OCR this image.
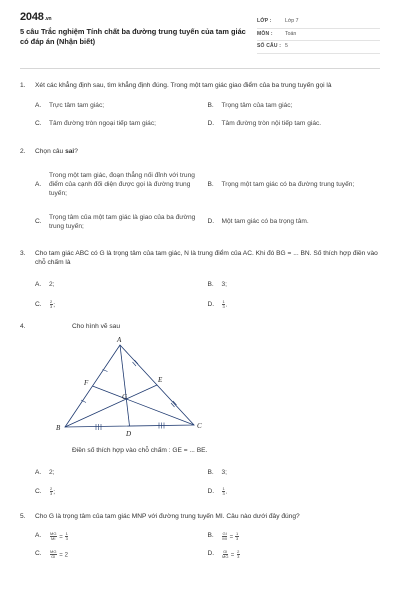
2048 .vn
5 câu Trắc nghiệm Tính chất ba đường trung tuyến của tam giác có đáp án (Nhận biết)
LỚP :	Lớp 7
MÔN :	Toán
SỐ CÂU : 5
1.	Xét các khẳng định sau, tìm khẳng định đúng. Trong một tam giác giao điểm của ba trung tuyến gọi là
A.	Trực tâm tam giác;	B.	Trọng tâm của tam giác;
C.	Tâm đường tròn ngoại tiếp tam giác;	D.	Tâm đường tròn nội tiếp tam giác.
2.	Chọn câu sai?
A.
Trong một tam giác, đoạn thẳng nối đỉnh với trung điểm của cạnh đối diện được gọi là đường trung tuyến;
B.	Trọng một tam giác có ba đường trung tuyến;
C.
Trọng tâm của một tam giác là giao của ba đường trung tuyến;
D.	Một tam giác có ba trọng tâm.
3.	Cho tam giác ABC có G là trọng tâm của tam giác, N là trung điểm của AC. Khi đó BG = ... BN. Số thích hợp điền vào chỗ chấm là
A.	2;	B.	3;
C.	$\frac{2}{3}$ ;	D.	$\frac{1}{3}$ .
4.	Cho hình vẽ sau
A
B	C
D
E
F
G
Điền số thích hợp vào chỗ chấm : GE = ... BE.
A.	2;	B.	3;
C.	$\frac{2}{3}$ ;	D.	$\frac{1}{3}$ .
5.	Cho G là trọng tâm của tam giác MNP với đường trung tuyến MI. Câu nào dưới đây đúng?
A.	$\frac{MG}{MI} = \frac{1}{3}$	B.	$\frac{GI}{MI} = \frac{1}{3}$
C.	$\frac{MG}{GI} = 2$	D.	$\frac{GI}{MG} = \frac{2}{3}$
